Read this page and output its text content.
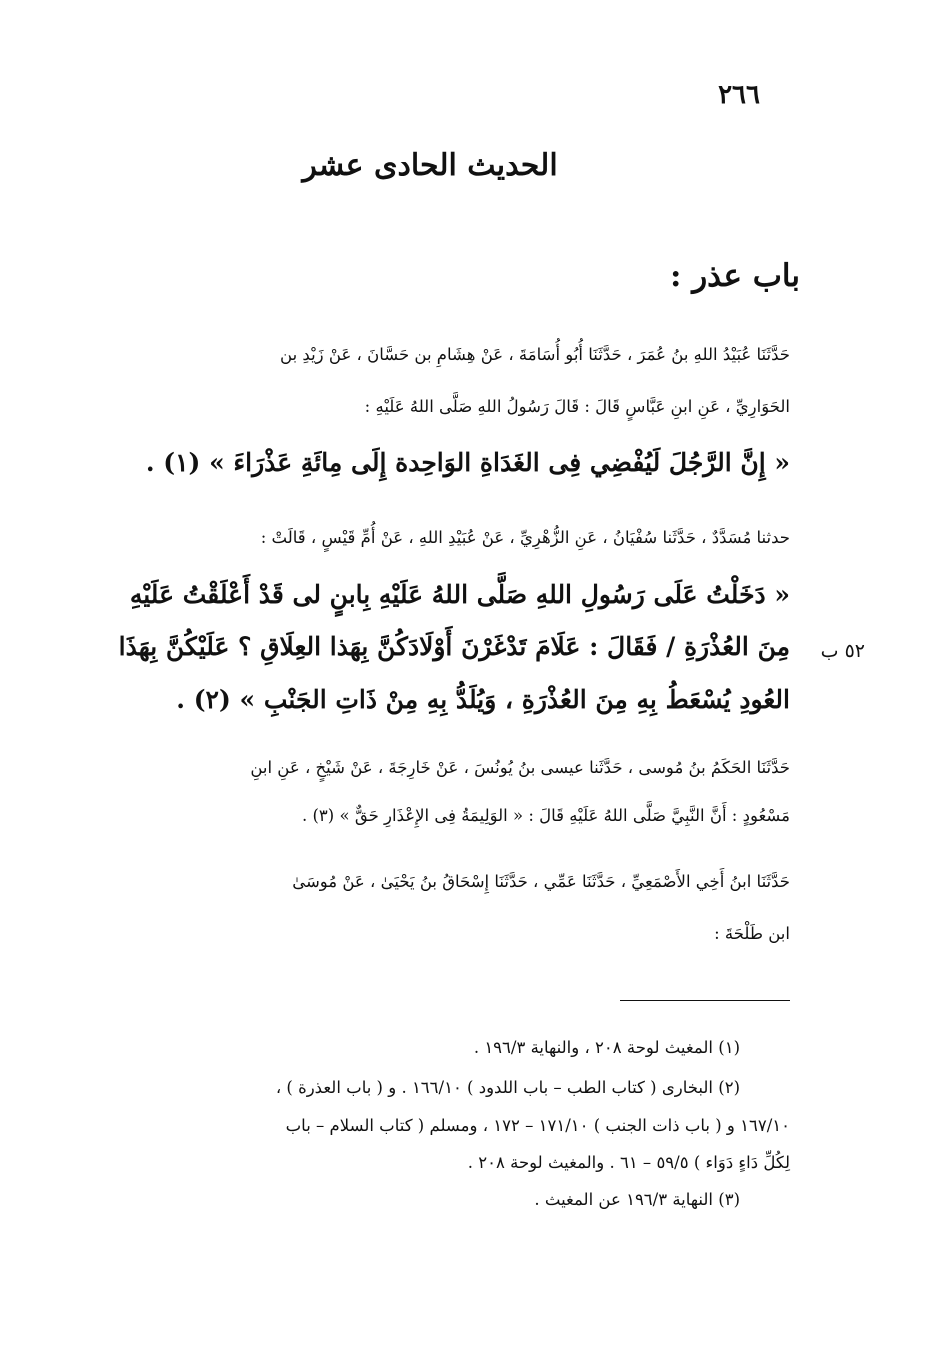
٢٦٦
الحديث الحادى عشر
باب عذر :
حَدَّثَنَا عُبَيْدُ اللهِ بنُ عُمَرَ ، حَدَّثَنَا أُبُو أُسَامَةَ ، عَنْ هِشَامِ بن حَسَّانَ ، عَنْ زَيْدِ بن
الحَوَارِيِّ ، عَنِ ابنِ عَبَّاسٍ قَالَ : قَالَ رَسُولُ اللهِ صَلَّى اللهُ عَلَيْهِ :
« إِنَّ الرَّجُلَ لَيُفْضِي فِى الغَدَاةِ الوَاحِدة إِلَى مِائَةِ عَذْرَاءَ » (١) .
حدثنا مُسَدَّدٌ ، حَدَّثَنا سُفْيَانُ ، عَنِ الزُّهْرِيِّ ، عَنْ عُبَيْدِ اللهِ ، عَنْ أُمِّ قَيْسٍ ، قَالَتْ :
« دَخَلْتُ عَلَى رَسُولِ اللهِ صَلَّى اللهُ عَلَيْهِ بِابنٍ لى قَدْ أَعْلَقْتُ عَلَيْهِ
٥٢ ب
مِنَ العُذْرَةِ / فَقَالَ : عَلَامَ تَدْغَرْنَ أَوْلَادَكُنَّ بِهَذا العِلَاقِ ؟ عَلَيْكُنَّ بِهَذَا
العُودِ يُسْعَطُ بِهِ مِنَ العُذْرَةِ ، وَيُلَدُّ بِهِ مِنْ ذَاتِ الجَنْبِ » (٢) .
حَدَّثَنَا الحَكَمُ بنُ مُوسى ، حَدَّثَنا عيسى بنُ يُونُسَ ، عَنْ خَارِجَةَ ، عَنْ شَيْخٍ ، عَنِ ابنِ
مَسْعُودٍ : أَنَّ النَّبِيَّ صَلَّى اللهُ عَلَيْهِ قَالَ : « الوَلِيمَةُ فِى الإِعْذَارِ حَقٌّ » (٣) .
حَدَّثَنَا ابنُ أَخِي الأَصْمَعِيِّ ، حَدَّثَنَا عَمِّي ، حَدَّثَنَا إِسْحَاقُ بنُ يَحْيَىٰ ، عَنْ مُوسَىٰ
ابن طَلْحَةَ :
(١) المغيث لوحة ٢٠٨ ، والنهاية ١٩٦/٣ .
(٢) البخارى ( كتاب الطب – باب اللدود ) ١٦٦/١٠ . و ( باب العذرة ) ،
١٦٧/١٠ و ( باب ذات الجنب ) ١٧١/١٠ – ١٧٢ ، ومسلم ( كتاب السلام – باب
لِكُلِّ دَاءٍ دَوَاء ) ٥٩/٥ – ٦١ . والمغيث لوحة ٢٠٨ .
(٣) النهاية ١٩٦/٣ عن المغيث .
